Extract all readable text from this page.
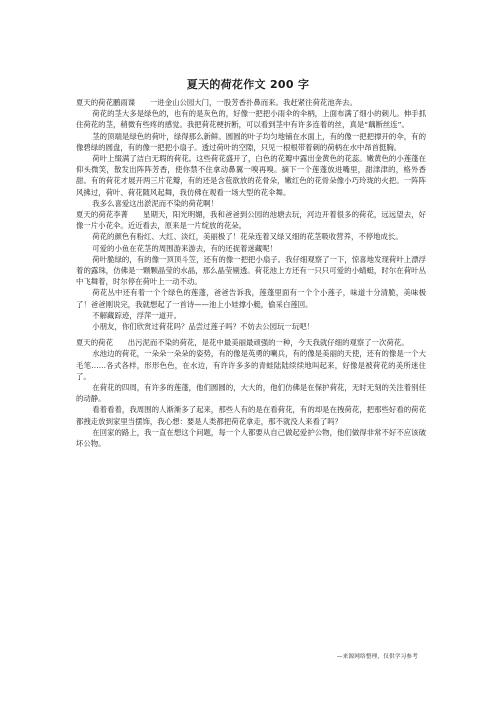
夏天的荷花作文 200 字

夏天的荷花鹏雨谍　　一进金山公园大门，一股芳香扑鼻而来。我赶紧往荷花池奔去。

荷花的茎大多是绿色的，也有的是灰色的，好像一把把小雨伞的伞柄，上面布满了细小的刺儿。伸手抓住荷花的茎，稍微有些疼的感觉。我把荷花梗折断，可以看到茎中有许多连着的丝，真是“藕断丝连”。

茎的顶端是绿色的荷叶，绿得那么新鲜。圆圆的叶子均匀地铺在水面上，有的像一把把撑开的伞，有的像碧绿的圆盘，有的像一把把小扇子。透过荷叶的空隙，只见一根根带着刺的荷柄在水中昂首挺胸。

荷叶上缀满了洁白无瑕的荷花。这些荷花盛开了，白色的花瓣中露出金黄色的花蕊。嫩黄色的小莲蓬在仰头微笑，散发出阵阵芳香，使你禁不住拿动鼻翼一嗅再嗅。摘下一个莲蓬放进嘴里，甜津津的，格外香甜。有的荷花才展开两三片花瓣，有的还是含苞欲放的花骨朵，嫩红色的花骨朵像小巧玲珑的火把。一阵阵风拂过，荷叶、荷花随风起舞，我仿佛在观看一场大型的花伞舞。

我多么喜爱这出淤泥而不染的荷花啊！

夏天的荷花李菁　　星期天，阳光明媚，我和爸爸到公园的池塘去玩，河边开着很多的荷花，远远望去，好像一片小花伞。近近看去，原来是一片绽放的花朵。

荷花的颜色有粉红、大红、淡红，美丽极了！花朵连着又绿又细的花茎吸收营养，不停地成长。

可爱的小鱼在花茎的周围游来游去，有的还捉着迷藏呢！

荷叶脆绿的，有的像一顶顶斗笠，还有的像一把把小扇子。我仔细观察了一下，惊喜地发现荷叶上漂浮着的露珠，仿佛是一颗颗晶莹的水晶，那么晶莹剔透。荷花池上方还有一只只可爱的小蜻蜓，时尔在荷叶丛中飞舞着，时尔停在荷叶上一动不动。

荷花丛中还有着一个个绿色的莲蓬，爸爸告诉我，莲蓬里面有一个个小莲子，味道十分清脆，美味极了！爸爸刚说完，我就想起了一首诗——池上小娃撑小艇，偷采白莲回。

不解藏踪迹，浮萍一道开。

小朋友，你们欣赏过荷花吗？品尝过莲子吗？不妨去公园玩一玩吧！

夏天的荷花　　出污泥而不染的荷花，是花中最美丽最顽强的一种，今天我就仔细的观察了一次荷花。

水池边的荷花，一朵朵一朵朵的姿势，有的像是英勇的喇兵，有的像是美丽的天使，还有的像是一个大毛笔……各式各样，形形色色，在水边，有许许多多的青蛙陆陆续续地叫起来，好像是被荷花的美所迷住了。

在荷花的四周，有许多的莲蓬，他们圆圆的，大大的，他们仿佛是在保护荷花，无时无刻的关注着别任的动静。

看着看着，我周围的人渐渐多了起来，那些人有的是在看荷花，有的却是在拽荷花，把那些好看的荷花都拽走放到家里当摆饰，我心想：要是人类都把荷花拿走，那不就没人来看了吗？

在回家的路上，我一直在想这个问题，每一个人都要从自己做起爱护公物，他们做得非常不好不应该破坏公物。

—来源网络整理，仅供学习参考
